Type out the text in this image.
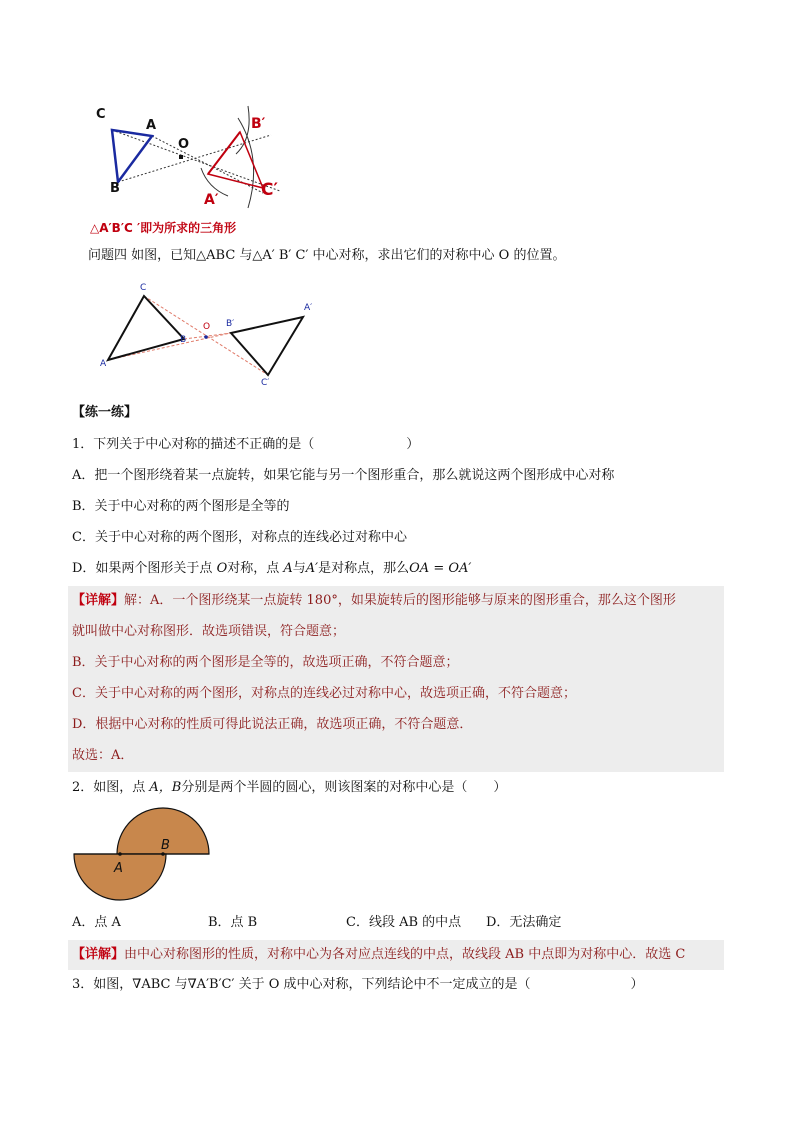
C
A
O
B
B′
A′ C′
△A′B′C ′即为所求的三角形
问题四 如图，已知△ABC 与△A′ B′ C′ 中心对称，求出它们的对称中心 O 的位置。
C
A
B
O B′
A′
C′
【练一练】
1．下列关于中心对称的描述不正确的是（	）
A．把一个图形绕着某一点旋转，如果它能与另一个图形重合，那么就说这两个图形成中心对称
B．关于中心对称的两个图形是全等的
C．关于中心对称的两个图形，对称点的连线必过对称中心
D．如果两个图形关于点 O对称，点 A与A′是对称点，那么OA = OA′
【详解】解：A．一个图形绕某一点旋转 180°，如果旋转后的图形能够与原来的图形重合，那么这个图形
就叫做中心对称图形．故选项错误，符合题意；
B．关于中心对称的两个图形是全等的，故选项正确，不符合题意；
C．关于中心对称的两个图形，对称点的连线必过对称中心，故选项正确，不符合题意；
D．根据中心对称的性质可得此说法正确，故选项正确，不符合题意．
故选：A．
2．如图，点 A，B分别是两个半圆的圆心，则该图案的对称中心是（　　）
B
A
A．点 A	B．点 B	C．线段 AB 的中点 D．无法确定
【详解】由中心对称图形的性质，对称中心为各对应点连线的中点，故线段 AB 中点即为对称中心．故选 C
3．如图，∇ABC 与∇A′B′C′ 关于 O 成中心对称，下列结论中不一定成立的是（	）
